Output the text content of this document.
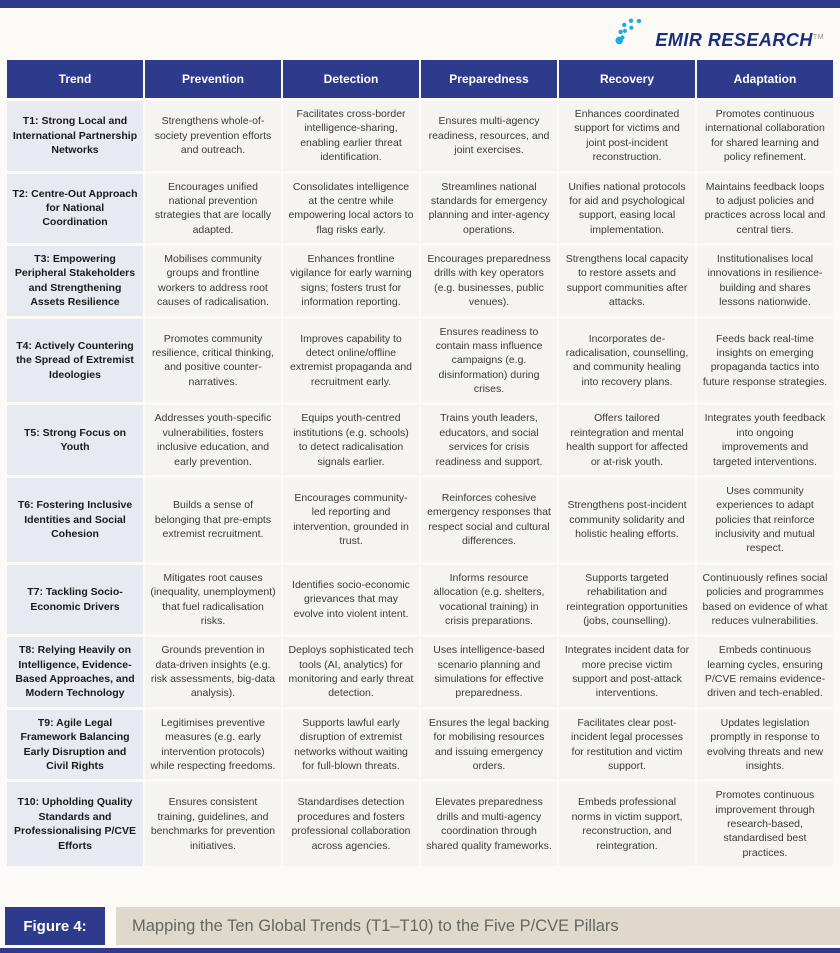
EMIR RESEARCH™
Trend	Prevention	Detection	Preparedness	Recovery	Adaptation
T1: Strong Local and International Partnership Networks	Strengthens whole-of-society prevention efforts and outreach.	Facilitates cross-border intelligence-sharing, enabling earlier threat identification.	Ensures multi-agency readiness, resources, and joint exercises.	Enhances coordinated support for victims and joint post-incident reconstruction.	Promotes continuous international collaboration for shared learning and policy refinement.
T2: Centre-Out Approach for National Coordination	Encourages unified national prevention strategies that are locally adapted.	Consolidates intelligence at the centre while empowering local actors to flag risks early.	Streamlines national standards for emergency planning and inter-agency operations.	Unifies national protocols for aid and psychological support, easing local implementation.	Maintains feedback loops to adjust policies and practices across local and central tiers.
T3: Empowering Peripheral Stakeholders and Strengthening Assets Resilience	Mobilises community groups and frontline workers to address root causes of radicalisation.	Enhances frontline vigilance for early warning signs; fosters trust for information reporting.	Encourages preparedness drills with key operators (e.g. businesses, public venues).	Strengthens local capacity to restore assets and support communities after attacks.	Institutionalises local innovations in resilience-building and shares lessons nationwide.
T4: Actively Countering the Spread of Extremist Ideologies	Promotes community resilience, critical thinking, and positive counter-narratives.	Improves capability to detect online/offline extremist propaganda and recruitment early.	Ensures readiness to contain mass influence campaigns (e.g. disinformation) during crises.	Incorporates de-radicalisation, counselling, and community healing into recovery plans.	Feeds back real-time insights on emerging propaganda tactics into future response strategies.
T5: Strong Focus on Youth	Addresses youth-specific vulnerabilities, fosters inclusive education, and early prevention.	Equips youth-centred institutions (e.g. schools) to detect radicalisation signals earlier.	Trains youth leaders, educators, and social services for crisis readiness and support.	Offers tailored reintegration and mental health support for affected or at-risk youth.	Integrates youth feedback into ongoing improvements and targeted interventions.
T6: Fostering Inclusive Identities and Social Cohesion	Builds a sense of belonging that pre-empts extremist recruitment.	Encourages community-led reporting and intervention, grounded in trust.	Reinforces cohesive emergency responses that respect social and cultural differences.	Strengthens post-incident community solidarity and holistic healing efforts.	Uses community experiences to adapt policies that reinforce inclusivity and mutual respect.
T7: Tackling Socio-Economic Drivers	Mitigates root causes (inequality, unemployment) that fuel radicalisation risks.	Identifies socio-economic grievances that may evolve into violent intent.	Informs resource allocation (e.g. shelters, vocational training) in crisis preparations.	Supports targeted rehabilitation and reintegration opportunities (jobs, counselling).	Continuously refines social policies and programmes based on evidence of what reduces vulnerabilities.
T8: Relying Heavily on Intelligence, Evidence-Based Approaches, and Modern Technology	Grounds prevention in data-driven insights (e.g. risk assessments, big-data analysis).	Deploys sophisticated tech tools (AI, analytics) for monitoring and early threat detection.	Uses intelligence-based scenario planning and simulations for effective preparedness.	Integrates incident data for more precise victim support and post-attack interventions.	Embeds continuous learning cycles, ensuring P/CVE remains evidence-driven and tech-enabled.
T9: Agile Legal Framework Balancing Early Disruption and Civil Rights	Legitimises preventive measures (e.g. early intervention protocols) while respecting freedoms.	Supports lawful early disruption of extremist networks without waiting for full-blown threats.	Ensures the legal backing for mobilising resources and issuing emergency orders.	Facilitates clear post-incident legal processes for restitution and victim support.	Updates legislation promptly in response to evolving threats and new insights.
T10: Upholding Quality Standards and Professionalising P/CVE Efforts	Ensures consistent training, guidelines, and benchmarks for prevention initiatives.	Standardises detection procedures and fosters professional collaboration across agencies.	Elevates preparedness drills and multi-agency coordination through shared quality frameworks.	Embeds professional norms in victim support, reconstruction, and reintegration.	Promotes continuous improvement through research-based, standardised best practices.
Figure 4:	Mapping the Ten Global Trends (T1–T10) to the Five P/CVE Pillars
